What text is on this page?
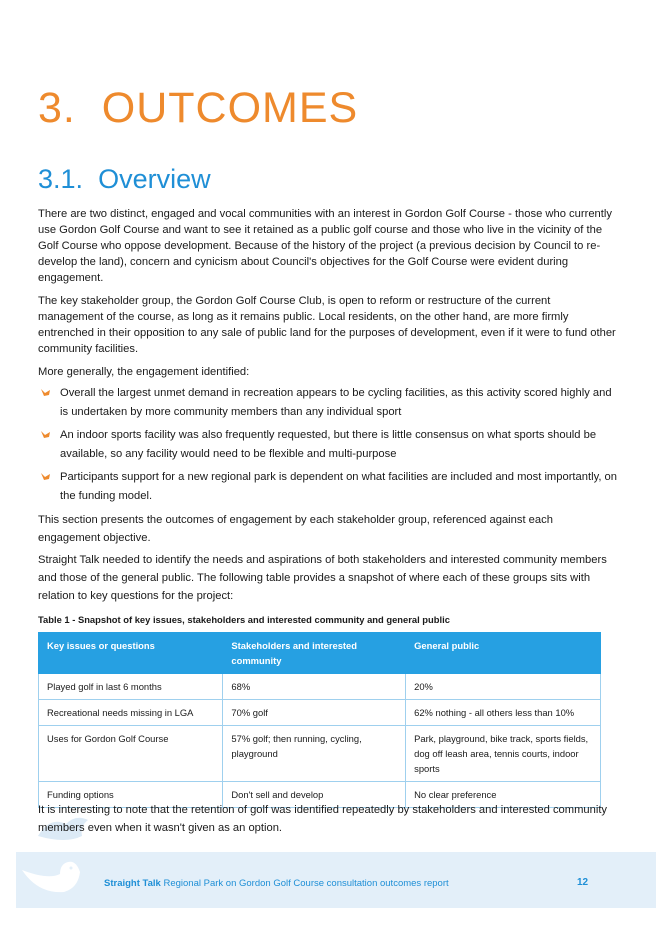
3. OUTCOMES
3.1. Overview
There are two distinct, engaged and vocal communities with an interest in Gordon Golf Course - those who currently use Gordon Golf Course and want to see it retained as a public golf course and those who live in the vicinity of the Golf Course who oppose development. Because of the history of the project (a previous decision by Council to re-develop the land), concern and cynicism about Council's objectives for the Golf Course were evident during engagement.
The key stakeholder group, the Gordon Golf Course Club, is open to reform or restructure of the current management of the course, as long as it remains public. Local residents, on the other hand, are more firmly entrenched in their opposition to any sale of public land for the purposes of development, even if it were to fund other community facilities.
More generally, the engagement identified:
Overall the largest unmet demand in recreation appears to be cycling facilities, as this activity scored highly and is undertaken by more community members than any individual sport
An indoor sports facility was also frequently requested, but there is little consensus on what sports should be available, so any facility would need to be flexible and multi-purpose
Participants support for a new regional park is dependent on what facilities are included and most importantly, on the funding model.
This section presents the outcomes of engagement by each stakeholder group, referenced against each engagement objective.
Straight Talk needed to identify the needs and aspirations of both stakeholders and interested community members and those of the general public. The following table provides a snapshot of where each of these groups sits with relation to key questions for the project:
Table 1 - Snapshot of key issues, stakeholders and interested community and general public
Key issues or questions	Stakeholders and interested community	General public
Played golf in last 6 months	68%	20%
Recreational needs missing in LGA	70% golf	62% nothing - all others less than 10%
Uses for Gordon Golf Course	57% golf; then running, cycling, playground	Park, playground, bike track, sports fields, dog off leash area, tennis courts, indoor sports
Funding options	Don't sell and develop	No clear preference
Straight Talk Regional Park on Gordon Golf Course consultation outcomes report	12
It is interesting to note that the retention of golf was identified repeatedly by stakeholders and interested community members even when it wasn't given as an option.
